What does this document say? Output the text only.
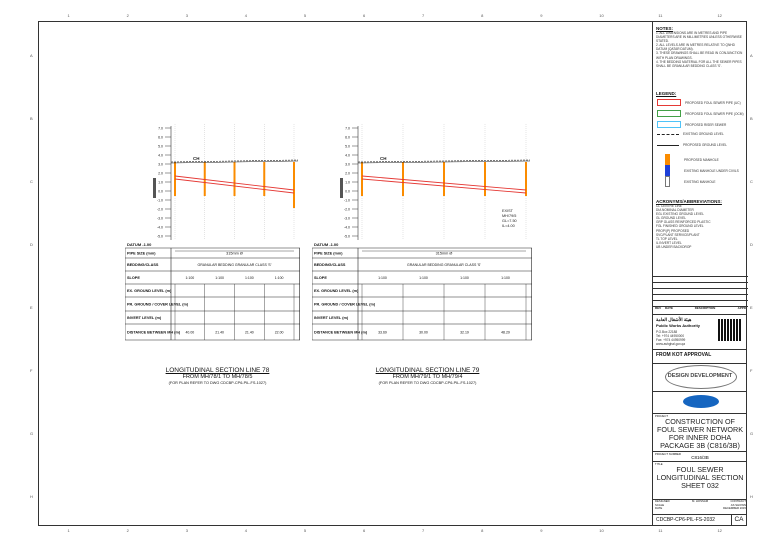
1
1
2
2
3
3
4
4
5
5
6
6
7
7
8
8
9
9
10
10
11
11
12
12
A	A
B	B
C	C
D	D
E	E
F	F
G	G
H	H
7.0
6.0
5.0
4.0
3.0
2.0
1.0
0.0
-1.0
-2.0
-3.0
-4.0
-5.0
CH
DATUM -1.00
PIPE SIZE (mm)	315mm Ø
BEDDING/CLASS	GRANULAR BEDDING GRANULAR CLASS 'S'
SLOPE	1:100	1:100	1:100	1:100
EX. GROUND LEVEL (m)
PR. GROUND / COVER LEVEL (m)
INVERT LEVEL (m)
DISTANCE BETWEEN MH (m) 40.00	21.40	21.40	22.00
7.0
6.0
5.0
4.0
3.0
2.0
1.0
0.0
-1.0
-2.0
-3.0
-4.0
-5.0
CH
EXIST
MH/79/5
GL=7.50
IL=4.00
DATUM -1.00
PIPE SIZE (mm)	315mm Ø
BEDDING/CLASS	GRANULAR BEDDING GRANULAR CLASS 'S'
SLOPE	1:100	1:100	1:100	1:100
EX. GROUND LEVEL (m)
PR. GROUND / COVER LEVEL (m)
INVERT LEVEL (m)
DISTANCE BETWEEN MH (m)	33.69	30.00	32.19	48.29
LONGITUDINAL SECTION LINE 78
FROM MH/78/1 TO MH/78/5
(FOR PLAN REFER TO DWG CDCBP-CP6-PIL-FS-1027)
LONGITUDINAL SECTION LINE 79
FROM MH/79/1 TO MH/79/4
(FOR PLAN REFER TO DWG CDCBP-CP6-PIL-FS-1027)
NOTES:
1. ALL DIMENSIONS ARE IN METRES AND PIPE DIAMETERS ARE IN MILLIMETRES UNLESS OTHERWISE STATED.
2. ALL LEVELS ARE IN METRES RELATIVE TO QNHD DATUM (QATAR DATUM).
3. THESE DRAWINGS SHALL BE READ IN CONJUNCTION WITH PLAN DRAWINGS.
4. THE BEDDING MATERIAL FOR ALL THE SEWER PIPES SHALL BE GRANULAR BEDDING CLASS 'S'.
LEGEND:
ACRONYMS/ABBREVIATIONS:
CL CENTRE LINE
DIA NOMINAL DIAMETER
EGL EXISTING GROUND LEVEL
GL GROUND LEVEL
GRP GLASS REINFORCED PLASTIC
FGL FINISHED GROUND LEVEL
PROP/(P) PROPOSED
SVC/PLANT SERVICE/PLANT
TL TOP LEVEL
IL INVERT LEVEL
UB UNDER BACKDROP
REV	DATE	DESCRIPTION	APPD
هيئة الأشغال العامة
Public Works Authority
P.O.Box 22188
Tel: +974 44950000
Fax: +974 44950999
www.ashghal.gov.qa
FROM KOT APPROVAL
DESIGN DEVELOPMENT
PROJECT
CONSTRUCTION OF
FOUL SEWER NETWORK
FOR INNER DOHA
PACKAGE 3B (C816/3B)
PROJECT NUMBER
C816/3B
TITLE
FOUL SEWER
LONGITUDINAL SECTION
SHEET 032
DESIGNED	M. HOSSAM	CONTRACT
SCALE	AS SHOWN
DATE	DECEMBER 2015
CDCBP-CP6-PIL-FS-2032	CA
PROPOSED FOUL SEWER PIPE (UC)
PROPOSED FOUL SEWER PIPE (OCM)
PROPOSED RISER SEWER
EXISTING GROUND LEVEL
PROPOSED GROUND LEVEL
PROPOSED MANHOLE
EXISTING MANHOLE UNDER CIVILS
EXISTING MANHOLE
